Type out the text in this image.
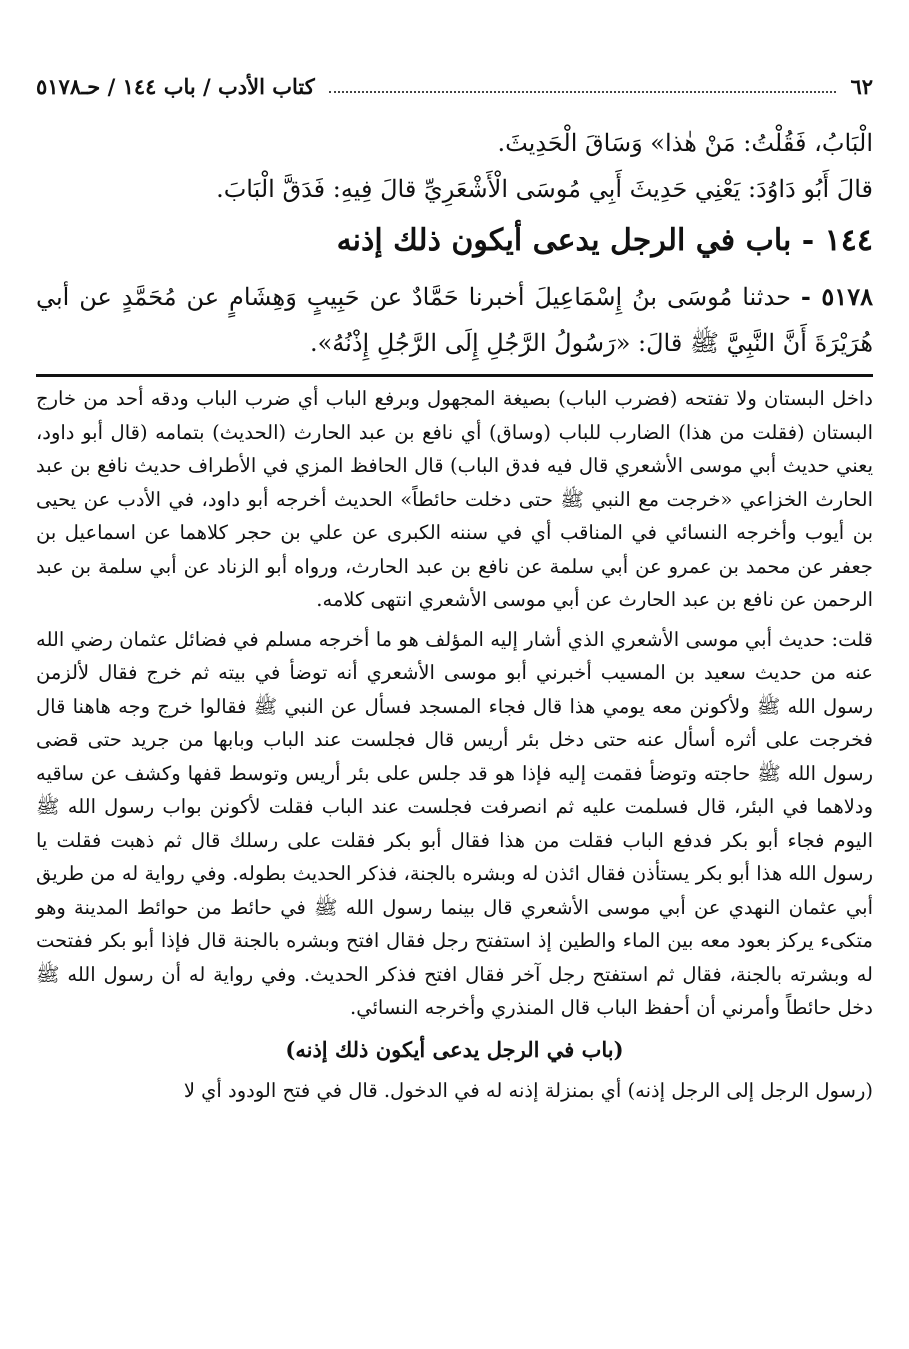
٦٢
كتاب الأدب / باب ١٤٤ / حـ٥١٧٨

الْبَابُ، فَقُلْتُ: مَنْ هٰذا» وَسَاقَ الْحَدِيثَ.

قالَ أَبُو دَاوُدَ: يَعْنِي حَدِيثَ أَبِي مُوسَى الْأَشْعَرِيِّ قالَ فِيهِ: فَدَقَّ الْبَابَ.

١٤٤ - باب في الرجل يدعى أيكون ذلك إذنه

٥١٧٨ - حدثنا مُوسَى بنُ إِسْمَاعِيلَ أخبرنا حَمَّادٌ عن حَبِيبٍ وَهِشَامٍ عن مُحَمَّدٍ عن أبي هُرَيْرَةَ أَنَّ النَّبِيَّ ﷺ قالَ: «رَسُولُ الرَّجُلِ إِلَى الرَّجُلِ إِذْنُهُ».

داخل البستان ولا تفتحه (فضرب الباب) بصيغة المجهول وبرفع الباب أي ضرب الباب ودقه أحد من خارج البستان (فقلت من هذا) الضارب للباب (وساق) أي نافع بن عبد الحارث (الحديث) بتمامه (قال أبو داود، يعني حديث أبي موسى الأشعري قال فيه فدق الباب) قال الحافظ المزي في الأطراف حديث نافع بن عبد الحارث الخزاعي «خرجت مع النبي ﷺ حتى دخلت حائطاً» الحديث أخرجه أبو داود، في الأدب عن يحيى بن أيوب وأخرجه النسائي في المناقب أي في سننه الكبرى عن علي بن حجر كلاهما عن اسماعيل بن جعفر عن محمد بن عمرو عن أبي سلمة عن نافع بن عبد الحارث، ورواه أبو الزناد عن أبي سلمة بن عبد الرحمن عن نافع بن عبد الحارث عن أبي موسى الأشعري انتهى كلامه.

قلت: حديث أبي موسى الأشعري الذي أشار إليه المؤلف هو ما أخرجه مسلم في فضائل عثمان رضي الله عنه من حديث سعيد بن المسيب أخبرني أبو موسى الأشعري أنه توضأ في بيته ثم خرج فقال لألزمن رسول الله ﷺ ولأكونن معه يومي هذا قال فجاء المسجد فسأل عن النبي ﷺ فقالوا خرج وجه هاهنا قال فخرجت على أثره أسأل عنه حتى دخل بئر أريس قال فجلست عند الباب وبابها من جريد حتى قضى رسول الله ﷺ حاجته وتوضأ فقمت إليه فإذا هو قد جلس على بئر أريس وتوسط قفها وكشف عن ساقيه ودلاهما في البئر، قال فسلمت عليه ثم انصرفت فجلست عند الباب فقلت لأكونن بواب رسول الله ﷺ اليوم فجاء أبو بكر فدفع الباب فقلت من هذا فقال أبو بكر فقلت على رسلك قال ثم ذهبت فقلت يا رسول الله هذا أبو بكر يستأذن فقال ائذن له وبشره بالجنة، فذكر الحديث بطوله. وفي رواية له من طريق أبي عثمان النهدي عن أبي موسى الأشعري قال بينما رسول الله ﷺ في حائط من حوائط المدينة وهو متكىء يركز بعود معه بين الماء والطين إذ استفتح رجل فقال افتح وبشره بالجنة قال فإذا أبو بكر ففتحت له وبشرته بالجنة، فقال ثم استفتح رجل آخر فقال افتح فذكر الحديث. وفي رواية له أن رسول الله ﷺ دخل حائطاً وأمرني أن أحفظ الباب قال المنذري وأخرجه النسائي.

(باب في الرجل يدعى أيكون ذلك إذنه)

(رسول الرجل إلى الرجل إذنه) أي بمنزلة إذنه له في الدخول. قال في فتح الودود أي لا
